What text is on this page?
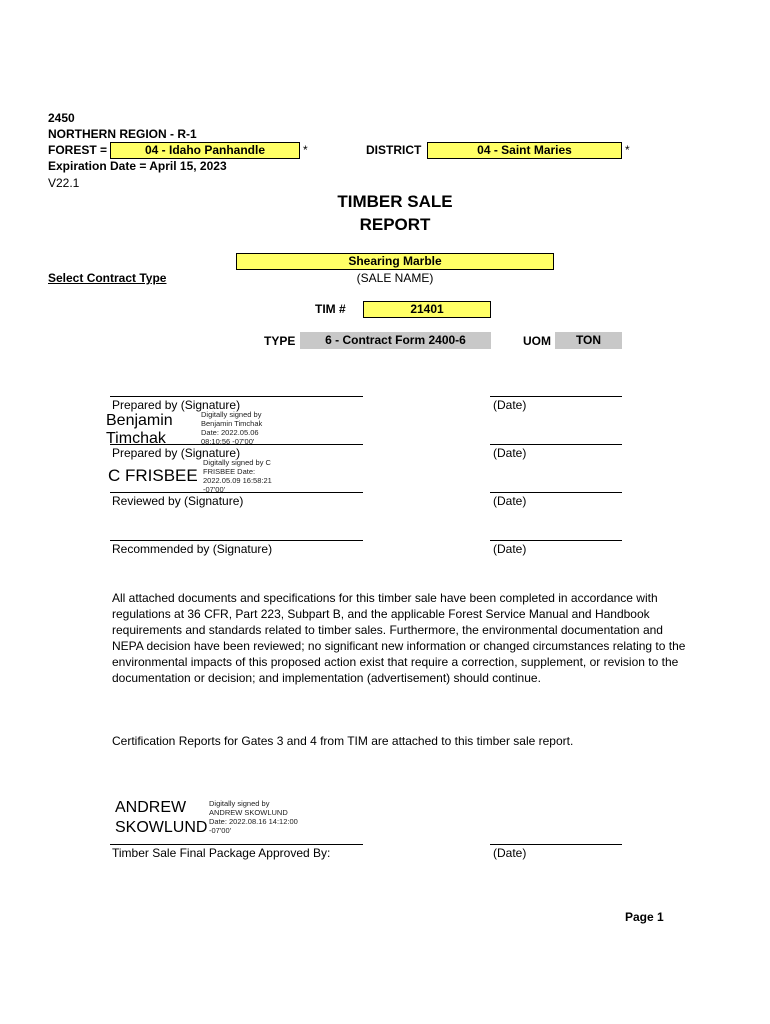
2450
NORTHERN REGION - R-1
FOREST =	04 - Idaho Panhandle	*	DISTRICT	04 - Saint Maries	*
Expiration Date = April 15, 2023
V22.1
TIMBER SALE
REPORT
Shearing Marble
(SALE NAME)
Select Contract Type
TIM #	21401
TYPE	6 - Contract Form 2400-6	UOM	TON
Prepared by (Signature)	(Date)
Benjamin
Timchak
Digitally signed by Benjamin Timchak Date: 2022.05.06 08:10:56 -07'00'
Prepared by (Signature)	(Date)
C FRISBEE
Digitally signed by C FRISBEE Date: 2022.05.09 16:58:21 -07'00'
Reviewed by (Signature)	(Date)
Recommended by (Signature)	(Date)
All attached documents and specifications for this timber sale have been completed in accordance with regulations at 36 CFR, Part 223, Subpart B, and the applicable Forest Service Manual and Handbook requirements and standards related to timber sales. Furthermore, the environmental documentation and NEPA decision have been reviewed; no significant new information or changed circumstances relating to the environmental impacts of this proposed action exist that require a correction, supplement, or revision to the documentation or decision; and implementation (advertisement) should continue.
Certification Reports for Gates 3 and 4 from TIM are attached to this timber sale report.
ANDREW
SKOWLUND
Digitally signed by ANDREW SKOWLUND Date: 2022.08.16 14:12:00 -07'00'
Timber Sale Final Package Approved By:	(Date)
Page 1
